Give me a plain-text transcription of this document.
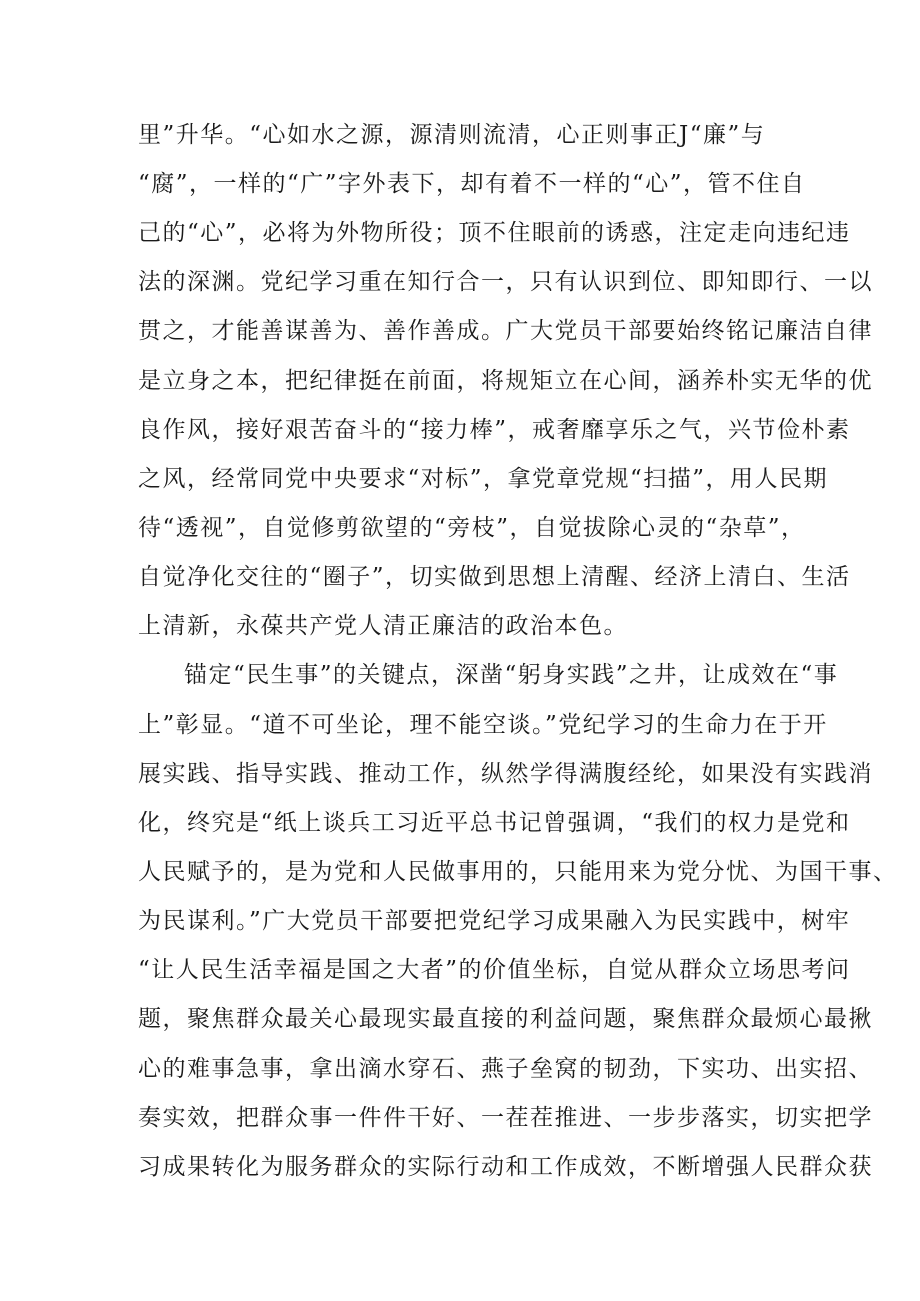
里”升华。“心如水之源，源清则流清，心正则事正J“廉”与
“腐”，一样的“广”字外表下，却有着不一样的“心”，管不住自
己的“心”，必将为外物所役；顶不住眼前的诱惑，注定走向违纪违
法的深渊。党纪学习重在知行合一，只有认识到位、即知即行、一以
贯之，才能善谋善为、善作善成。广大党员干部要始终铭记廉洁自律
是立身之本，把纪律挺在前面，将规矩立在心间，涵养朴实无华的优
良作风，接好艰苦奋斗的“接力棒”，戒奢靡享乐之气，兴节俭朴素
之风，经常同党中央要求“对标”，拿党章党规“扫描”，用人民期
待“透视”，自觉修剪欲望的“旁枝”，自觉拔除心灵的“杂草”，
自觉净化交往的“圈子”，切实做到思想上清醒、经济上清白、生活
上清新，永葆共产党人清正廉洁的政治本色。
锚定“民生事”的关键点，深凿“躬身实践”之井，让成效在“事
上”彰显。“道不可坐论，理不能空谈。”党纪学习的生命力在于开
展实践、指导实践、推动工作，纵然学得满腹经纶，如果没有实践消
化，终究是“纸上谈兵工习近平总书记曾强调，“我们的权力是党和
人民赋予的，是为党和人民做事用的，只能用来为党分忧、为国干事、
为民谋利。”广大党员干部要把党纪学习成果融入为民实践中，树牢
“让人民生活幸福是国之大者”的价值坐标，自觉从群众立场思考问
题，聚焦群众最关心最现实最直接的利益问题，聚焦群众最烦心最揪
心的难事急事，拿出滴水穿石、燕子垒窝的韧劲，下实功、出实招、
奏实效，把群众事一件件干好、一茬茬推进、一步步落实，切实把学
习成果转化为服务群众的实际行动和工作成效，不断增强人民群众获
